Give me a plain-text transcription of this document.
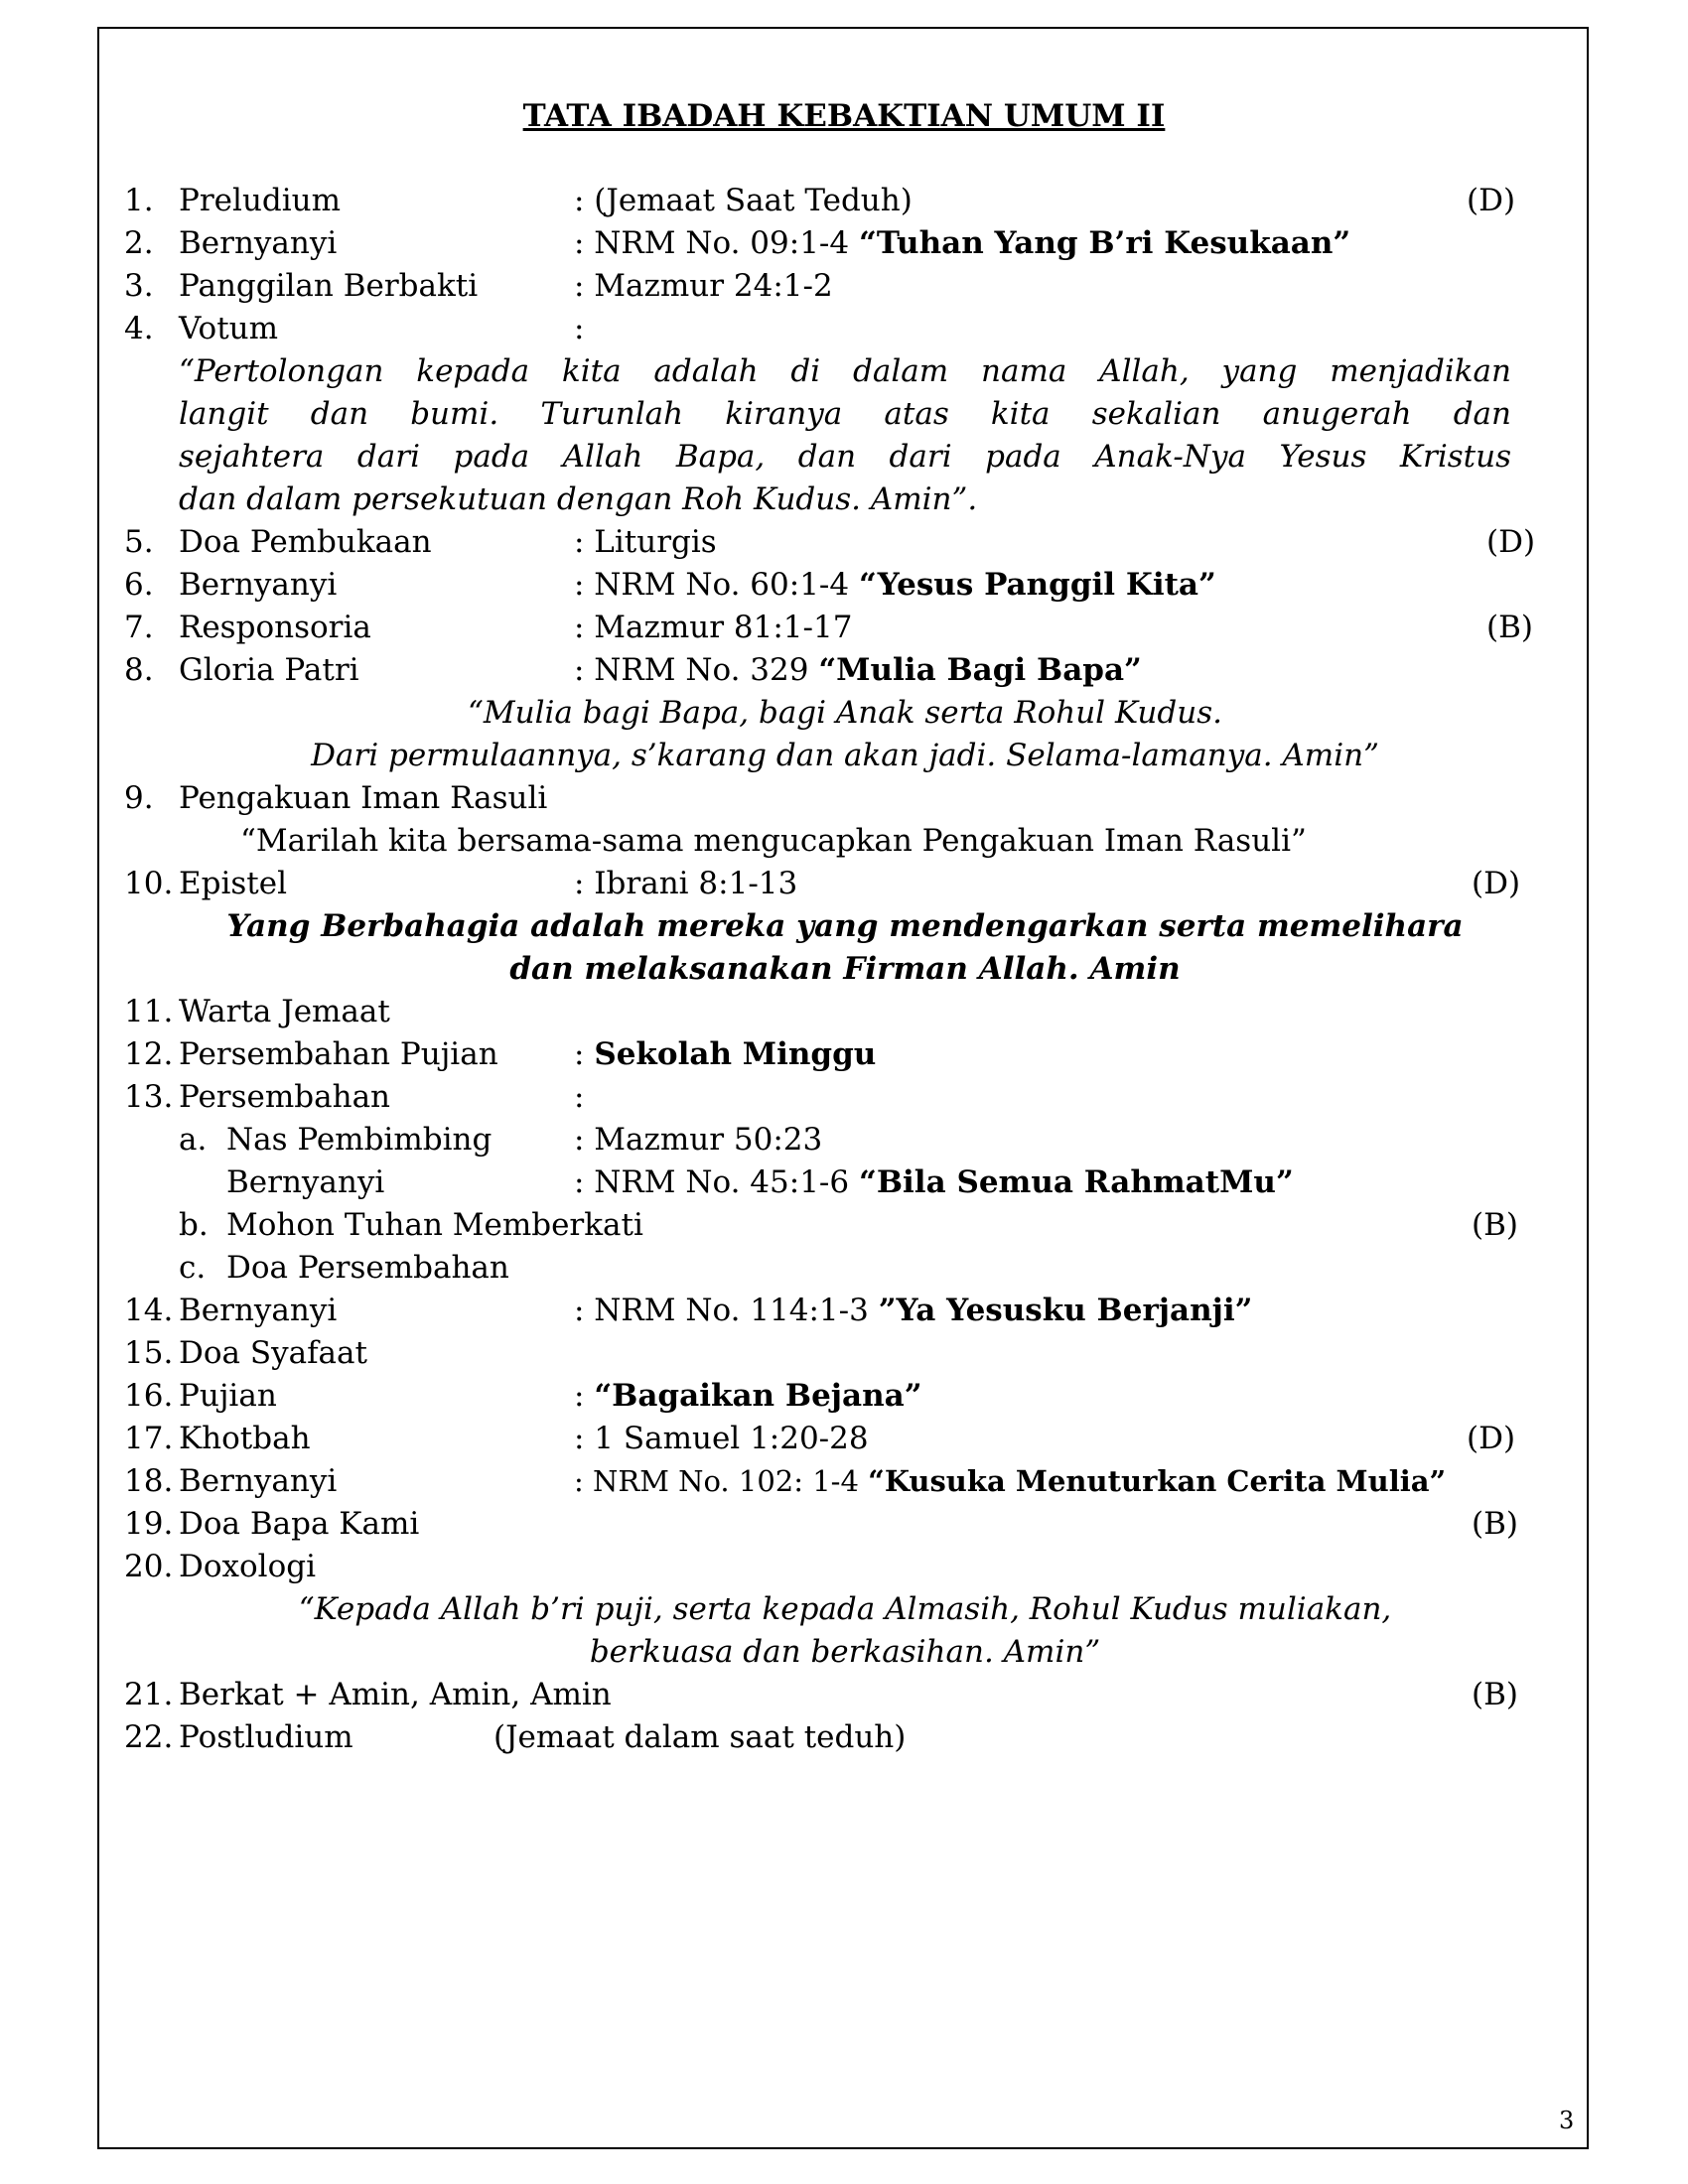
TATA IBADAH KEBAKTIAN UMUM II
1. Preludium	: (Jemaat Saat Teduh)	(D)
2. Bernyanyi	: NRM No. 09:1-4 “Tuhan Yang B’ri Kesukaan”
3. Panggilan Berbakti	: Mazmur 24:1-2
4. Votum	:
“Pertolongan kepada kita adalah di dalam nama Allah, yang menjadikan
langit dan bumi. Turunlah kiranya atas kita sekalian anugerah dan
sejahtera dari pada Allah Bapa, dan dari pada Anak-Nya Yesus Kristus
dan dalam persekutuan dengan Roh Kudus. Amin”.
5. Doa Pembukaan	: Liturgis	(D)
6. Bernyanyi	: NRM No. 60:1-4 “Yesus Panggil Kita”
7. Responsoria	: Mazmur 81:1-17	(B)
8. Gloria Patri	: NRM No. 329 “Mulia Bagi Bapa”
“Mulia bagi Bapa, bagi Anak serta Rohul Kudus.
Dari permulaannya, s’karang dan akan jadi. Selama-lamanya. Amin”
9. Pengakuan Iman Rasuli
“Marilah kita bersama-sama mengucapkan Pengakuan Iman Rasuli”
10. Epistel	: Ibrani 8:1-13	(D)
Yang Berbahagia adalah mereka yang mendengarkan serta memelihara
dan melaksanakan Firman Allah. Amin
11. Warta Jemaat
12. Persembahan Pujian : Sekolah Minggu
13. Persembahan	:
a. Nas Pembimbing	: Mazmur 50:23
Bernyanyi	: NRM No. 45:1-6 “Bila Semua RahmatMu”
b. Mohon Tuhan Memberkati	(B)
c. Doa Persembahan
14. Bernyanyi	: NRM No. 114:1-3 ”Ya Yesusku Berjanji”
15. Doa Syafaat
16. Pujian	: “Bagaikan Bejana”
17. Khotbah	: 1 Samuel 1:20-28	(D)
18. Bernyanyi	: NRM No. 102: 1-4 “Kusuka Menuturkan Cerita Mulia”
19. Doa Bapa Kami	(B)
20. Doxologi
“Kepada Allah b’ri puji, serta kepada Almasih, Rohul Kudus muliakan,
berkuasa dan berkasihan. Amin”
21. Berkat + Amin, Amin, Amin	(B)
22. Postludium	(Jemaat dalam saat teduh)
3
